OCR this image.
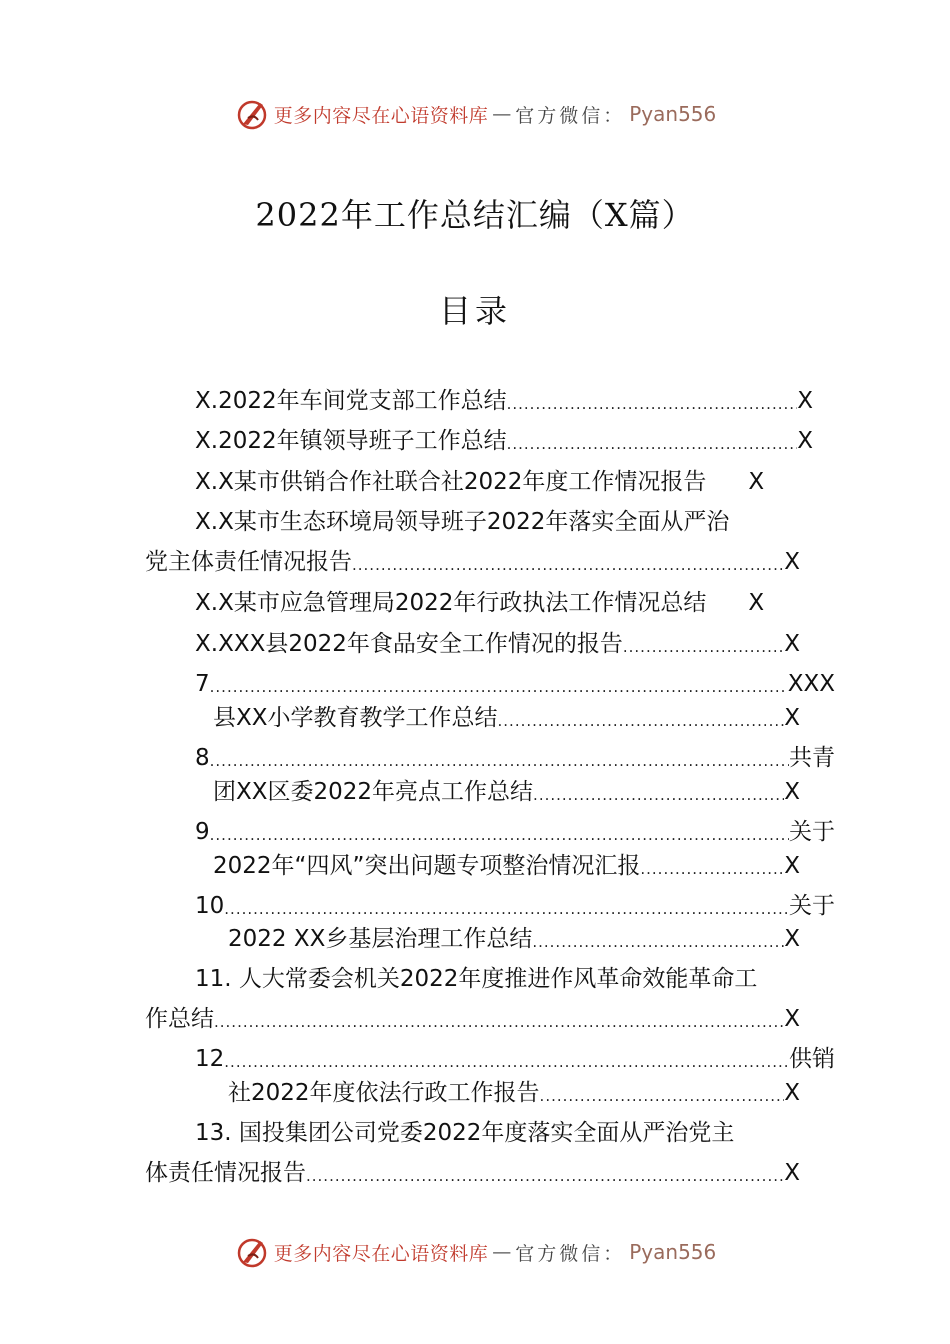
更多内容尽在心语资料库 — 官方微信： Pyan556
2022年工作总结汇编（X篇）
目录
X.2022年车间党支部工作总结 .....	X
X.2022年镇领导班子工作总结 .....	X
X.X某市供销合作社联合社2022年度工作情况报告 X
X.X某市生态环境局领导班子2022年落实全面从严治
党主体责任情况报告 .....	X
X.X某市应急管理局2022年行政执法工作情况总结 X
X.XXX县2022年食品安全工作情况的报告 .....	X
7 .....	XXX
县XX小学教育教学工作总结 .....	X
8 .....	共青
团XX区委2022年亮点工作总结 .....	X
9 .....	关于
2022年“四风”突出问题专项整治情况汇报 .....	X
10 .....	关于
2022 XX乡基层治理工作总结 .....	X
11. 人大常委会机关2022年度推进作风革命效能革命工
作总结 .....	X
12 .....	供销
社2022年度依法行政工作报告 .....	X
13. 国投集团公司党委2022年度落实全面从严治党主
体责任情况报告 .....	X
更多内容尽在心语资料库 — 官方微信： Pyan556
